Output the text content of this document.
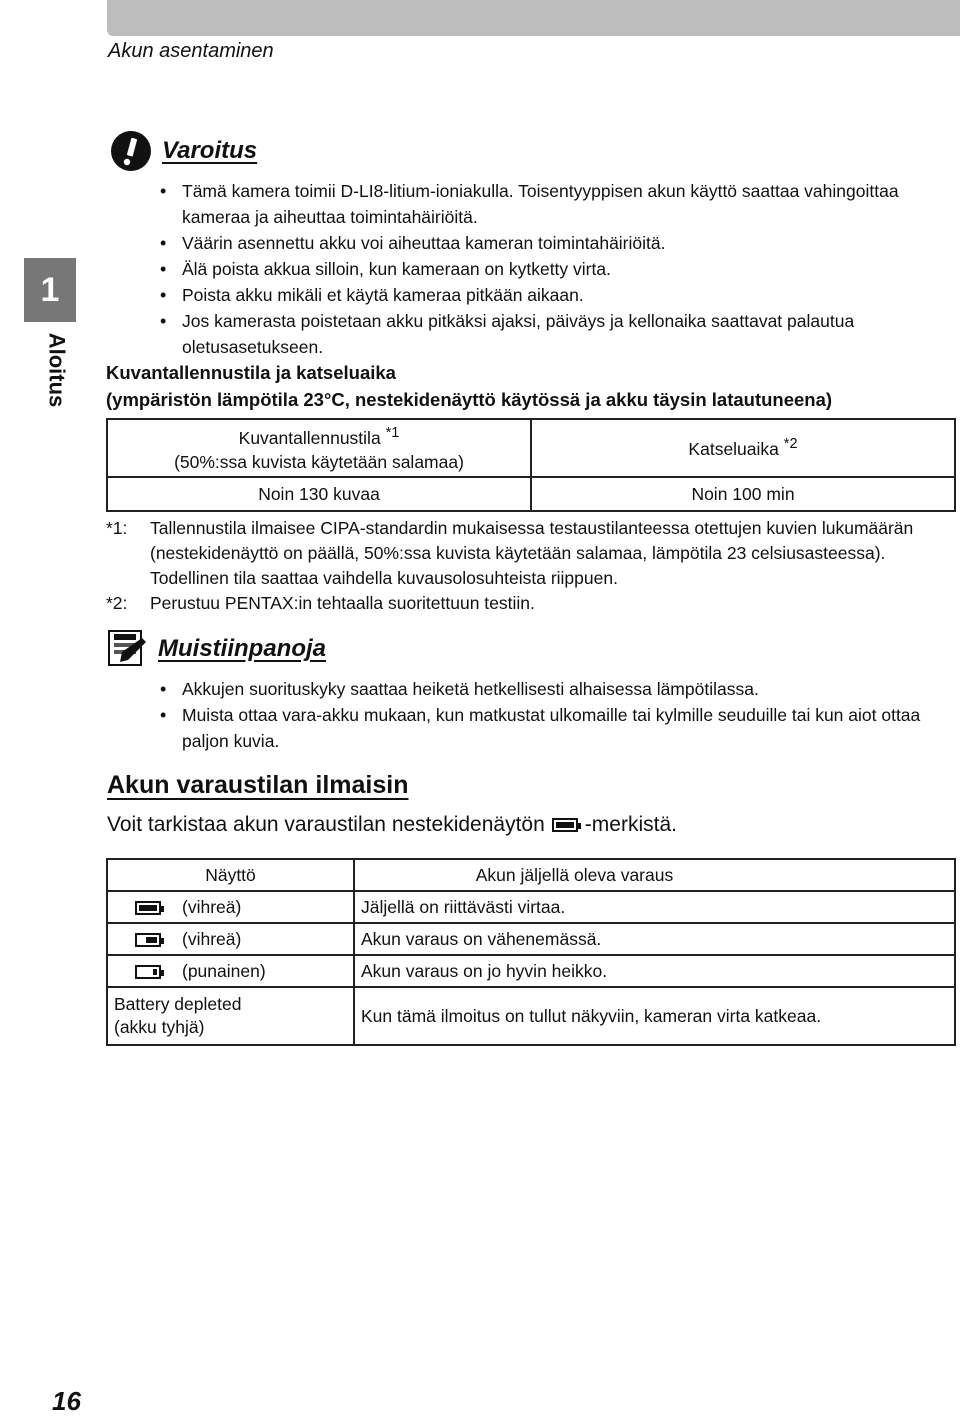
Akun asentaminen
1
Aloitus
Varoitus
• Tämä kamera toimii D-LI8-litium-ioniakulla. Toisentyyppisen akun käyttö saattaa vahingoittaa kameraa ja aiheuttaa toimintahäiriöitä.
• Väärin asennettu akku voi aiheuttaa kameran toimintahäiriöitä.
• Älä poista akkua silloin, kun kameraan on kytketty virta.
• Poista akku mikäli et käytä kameraa pitkään aikaan.
• Jos kamerasta poistetaan akku pitkäksi ajaksi, päiväys ja kellonaika saattavat palautua oletusasetukseen.
Kuvantallennustila ja katseluaika
(ympäristön lämpötila 23°C, nestekidenäyttö käytössä ja akku täysin latautuneena)
Kuvantallennustila $^{*1}$
(50%:ssa kuvista käytetään salamaa)	Katseluaika $^{*2}$
Noin 130 kuvaa	Noin 100 min
*1:	Tallennustila ilmaisee CIPA-standardin mukaisessa testaustilanteessa otettujen kuvien lukumäärän (nestekidenäyttö on päällä, 50%:ssa kuvista käytetään salamaa, lämpötila 23 celsiusasteessa). Todellinen tila saattaa vaihdella kuvausolosuhteista riippuen.
*2:	Perustuu PENTAX:in tehtaalla suoritettuun testiin.
Muistiinpanoja
• Akkujen suorituskyky saattaa heiketä hetkellisesti alhaisessa lämpötilassa.
• Muista ottaa vara-akku mukaan, kun matkustat ulkomaille tai kylmille seuduille tai kun aiot ottaa paljon kuvia.
Akun varaustilan ilmaisin
Voit tarkistaa akun varaustilan nestekidenäytön -merkistä.
Näyttö	Akun jäljellä oleva varaus

(vihreä)	Jäljellä on riittävästi virtaa.

(vihreä)	Akun varaus on vähenemässä.

(punainen)	Akun varaus on jo hyvin heikko.
Battery depleted
(akku tyhjä)	Kun tämä ilmoitus on tullut näkyviin, kameran virta katkeaa.
16
